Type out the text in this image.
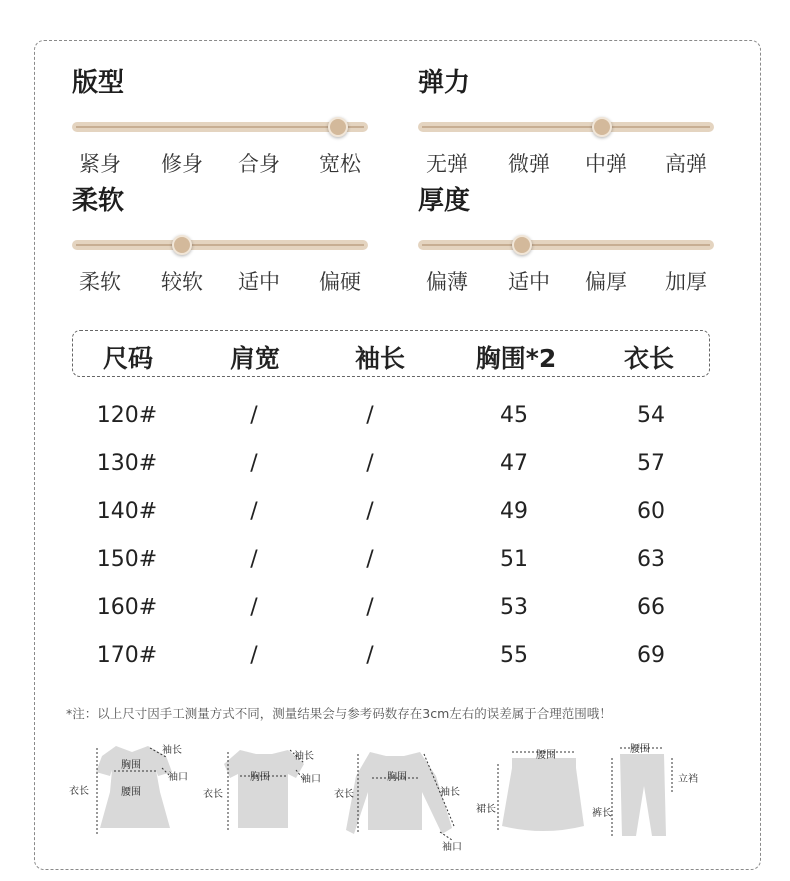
版型
紧身	修身	合身	宽松
弹力
无弹	微弹	中弹	高弹
柔软
柔软	较软	适中	偏硬
厚度
偏薄	适中	偏厚	加厚
尺码	肩宽	袖长	胸围*2	衣长
120#	/	/	45	54
130#	/	/	47	57
140#	/	/	49	60
150#	/	/	51	63
160#	/	/	53	66
170#	/	/	55	69
*注：以上尺寸因手工测量方式不同，测量结果会与参考码数存在3cm左右的误差属于合理范围哦！
袖长
胸围
袖口
衣长	腰围
袖长
胸围	袖口
衣长
胸围
衣长	袖长
袖口
腰围
裙长
腰围
裤长
立裆
